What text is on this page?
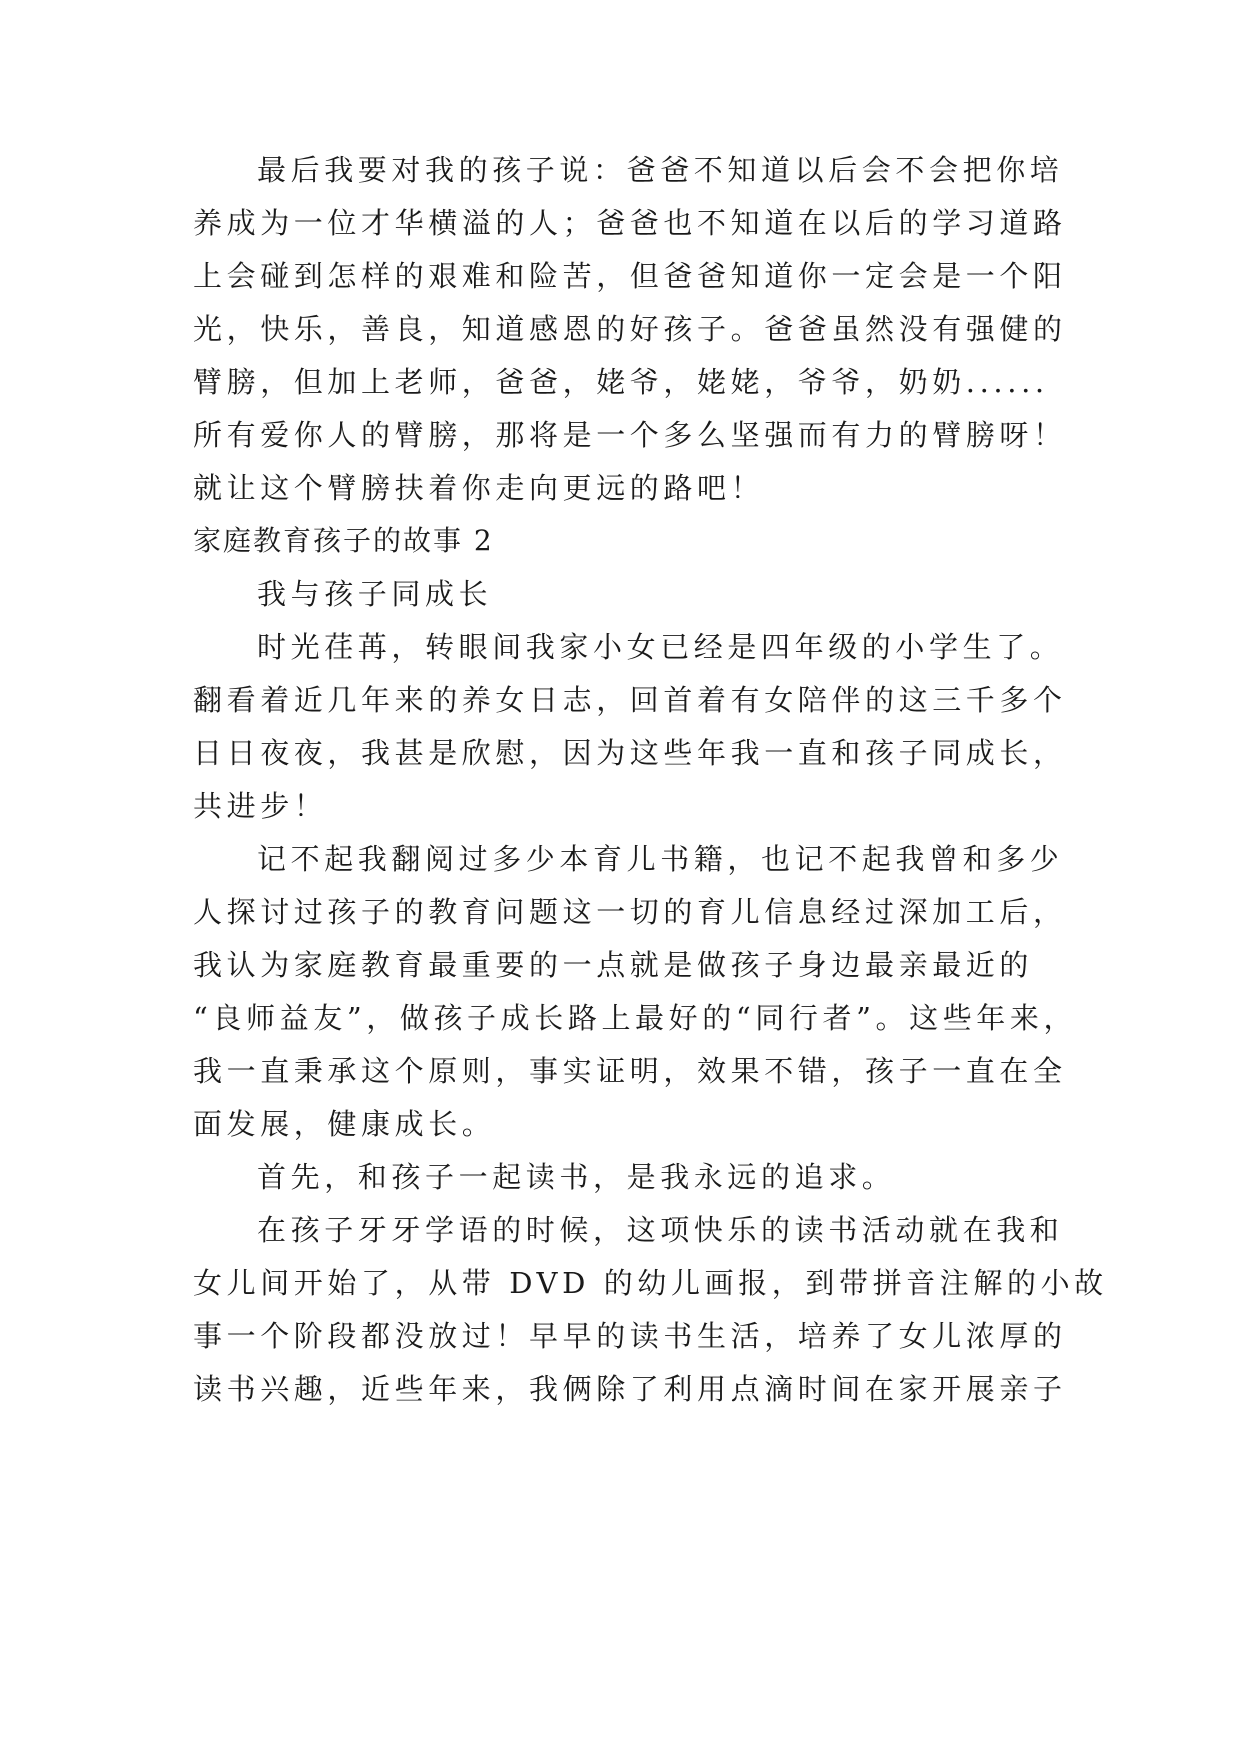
最后我要对我的孩子说：爸爸不知道以后会不会把你培
养成为一位才华横溢的人；爸爸也不知道在以后的学习道路
上会碰到怎样的艰难和险苦，但爸爸知道你一定会是一个阳
光，快乐，善良，知道感恩的好孩子。爸爸虽然没有强健的
臂膀，但加上老师，爸爸，姥爷，姥姥，爷爷，奶奶......
所有爱你人的臂膀，那将是一个多么坚强而有力的臂膀呀！
就让这个臂膀扶着你走向更远的路吧！
家庭教育孩子的故事 2
我与孩子同成长
时光荏苒，转眼间我家小女已经是四年级的小学生了。
翻看着近几年来的养女日志，回首着有女陪伴的这三千多个
日日夜夜，我甚是欣慰，因为这些年我一直和孩子同成长，
共进步！
记不起我翻阅过多少本育儿书籍，也记不起我曾和多少
人探讨过孩子的教育问题这一切的育儿信息经过深加工后，
我认为家庭教育最重要的一点就是做孩子身边最亲最近的
“良师益友”，做孩子成长路上最好的“同行者”。这些年来，
我一直秉承这个原则，事实证明，效果不错，孩子一直在全
面发展，健康成长。
首先，和孩子一起读书，是我永远的追求。
在孩子牙牙学语的时候，这项快乐的读书活动就在我和
女儿间开始了，从带 DVD 的幼儿画报，到带拼音注解的小故
事一个阶段都没放过！早早的读书生活，培养了女儿浓厚的
读书兴趣，近些年来，我俩除了利用点滴时间在家开展亲子
